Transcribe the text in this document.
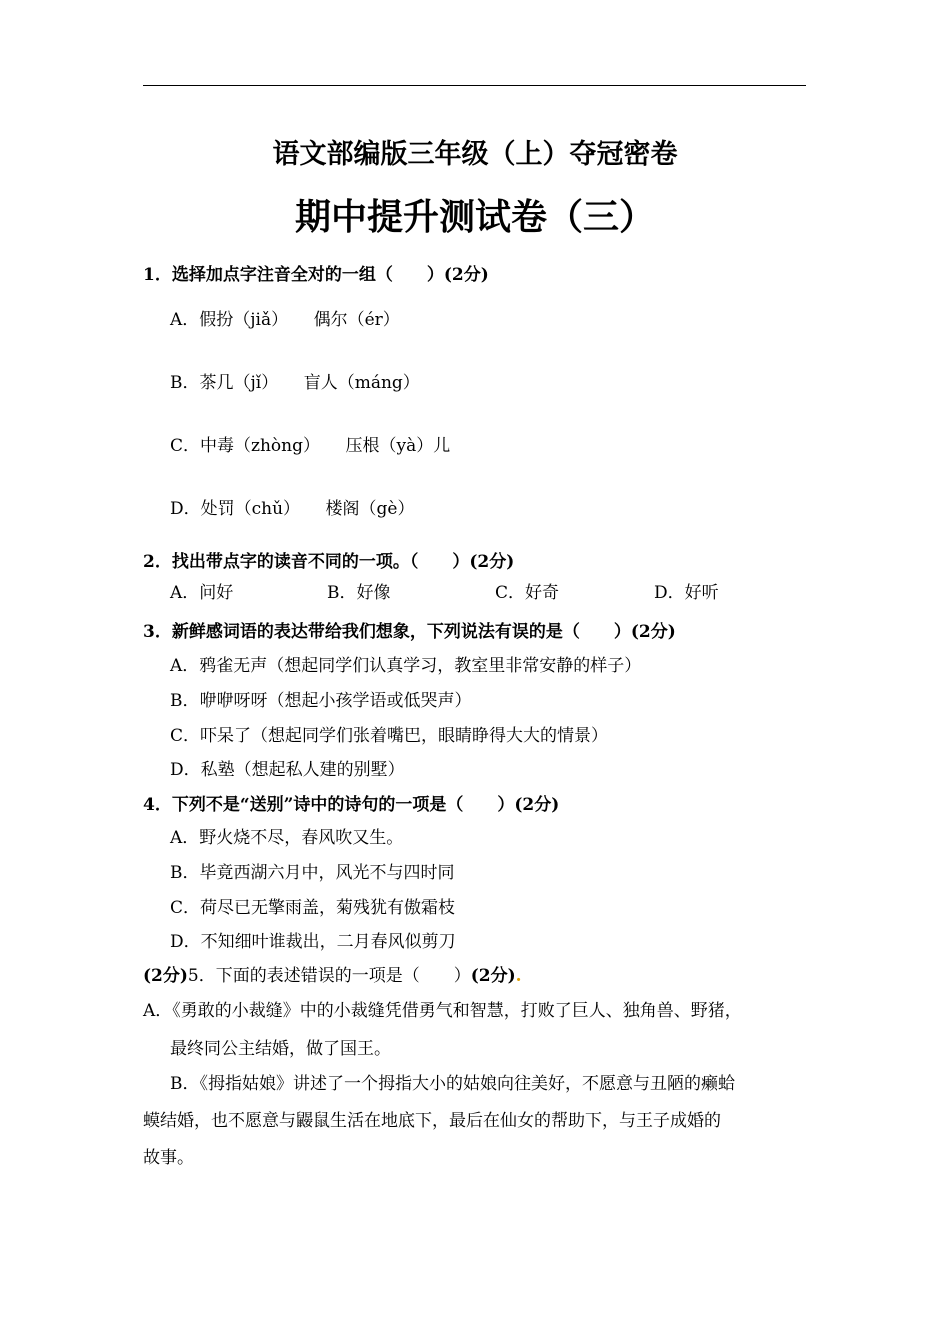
语文部编版三年级（上）夺冠密卷
期中提升测试卷（三）
1．选择加点字注音全对的一组（　　）(2分)
A．假扮（jiǎ）　　偶尔（ér）
B．茶几（jǐ）　　盲人（máng）
C．中毒（zhòng）　　压根（yà）儿
D．处罚（chǔ）　　楼阁（gè）
2．找出带点字的读音不同的一项。（　　）(2分)
A．问好	B．好像	C．好奇	D．好听
3．新鲜感词语的表达带给我们想象，下列说法有误的是（　　）(2分)
A．鸦雀无声（想起同学们认真学习，教室里非常安静的样子）
B．咿咿呀呀（想起小孩学语或低哭声）
C．吓呆了（想起同学们张着嘴巴，眼睛睁得大大的情景）
D．私塾（想起私人建的别墅）
4．下列不是“送别”诗中的诗句的一项是（　　）(2分)
A．野火烧不尽，春风吹又生。
B．毕竟西湖六月中，风光不与四时同
C．荷尽已无擎雨盖，菊残犹有傲霜枝
D．不知细叶谁裁出，二月春风似剪刀
(2分)5．下面的表述错误的一项是（　　）(2分).
A．《勇敢的小裁缝》中的小裁缝凭借勇气和智慧，打败了巨人、独角兽、野猪，
最终同公主结婚，做了国王。
B．《拇指姑娘》讲述了一个拇指大小的姑娘向往美好，不愿意与丑陋的癞蛤
蟆结婚，也不愿意与鼹鼠生活在地底下，最后在仙女的帮助下，与王子成婚的
故事。
